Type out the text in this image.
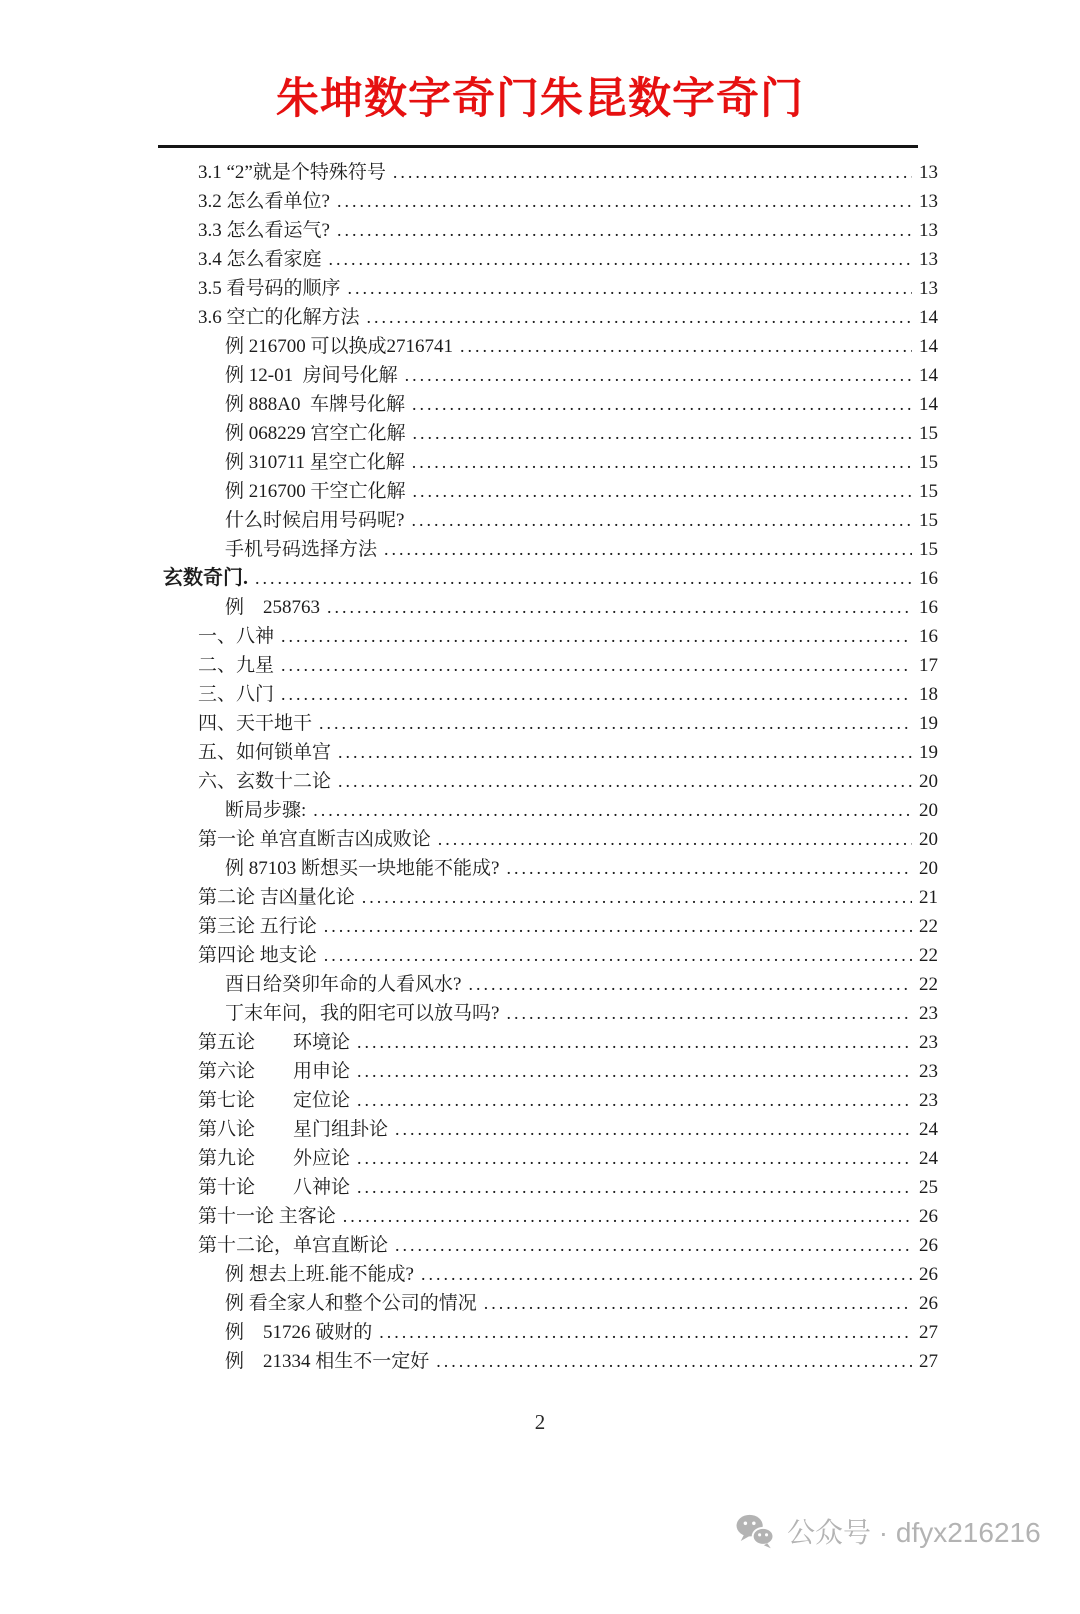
朱坤数字奇门朱昆数字奇门
3.1 “2”就是个特殊符号 .....	13
3.2 怎么看单位? .....	13
3.3 怎么看运气? .....	13
3.4 怎么看家庭 .....	13
3.5 看号码的顺序 .....	13
3.6 空亡的化解方法 .....	14
例 216700 可以换成2716741 .....	14
例 12-01  房间号化解 .....	14
例 888A0  车牌号化解 .....	14
例 068229 宫空亡化解 .....	15
例 310711 星空亡化解 .....	15
例 216700 干空亡化解 .....	15
什么时候启用号码呢? .....	15
手机号码选择方法 .....	15
玄数奇门. .....	16
例　258763 .....	16
一、八神 .....	16
二、九星 .....	17
三、八门 .....	18
四、天干地干 .....	19
五、如何锁单宫 .....	19
六、玄数十二论 .....	20
断局步骤: .....	20
第一论 单宫直断吉凶成败论 .....	20
例 87103 断想买一块地能不能成? .....	20
第二论 吉凶量化论 .....	21
第三论 五行论 .....	22
第四论 地支论 .....	22
酉日给癸卯年命的人看风水? .....	22
丁末年问，我的阳宅可以放马吗? .....	23
第五论　　环境论 .....	23
第六论　　用申论 .....	23
第七论　　定位论 .....	23
第八论　　星门组卦论 .....	24
第九论　　外应论 .....	24
第十论　　八神论 .....	25
第十一论 主客论 .....	26
第十二论，单宫直断论 .....	26
例 想去上班.能不能成? .....	26
例 看全家人和整个公司的情况 .....	26
例　51726 破财的 .....	27
例　21334 相生不一定好 .....	27
2

公众号 · dfyx216216
